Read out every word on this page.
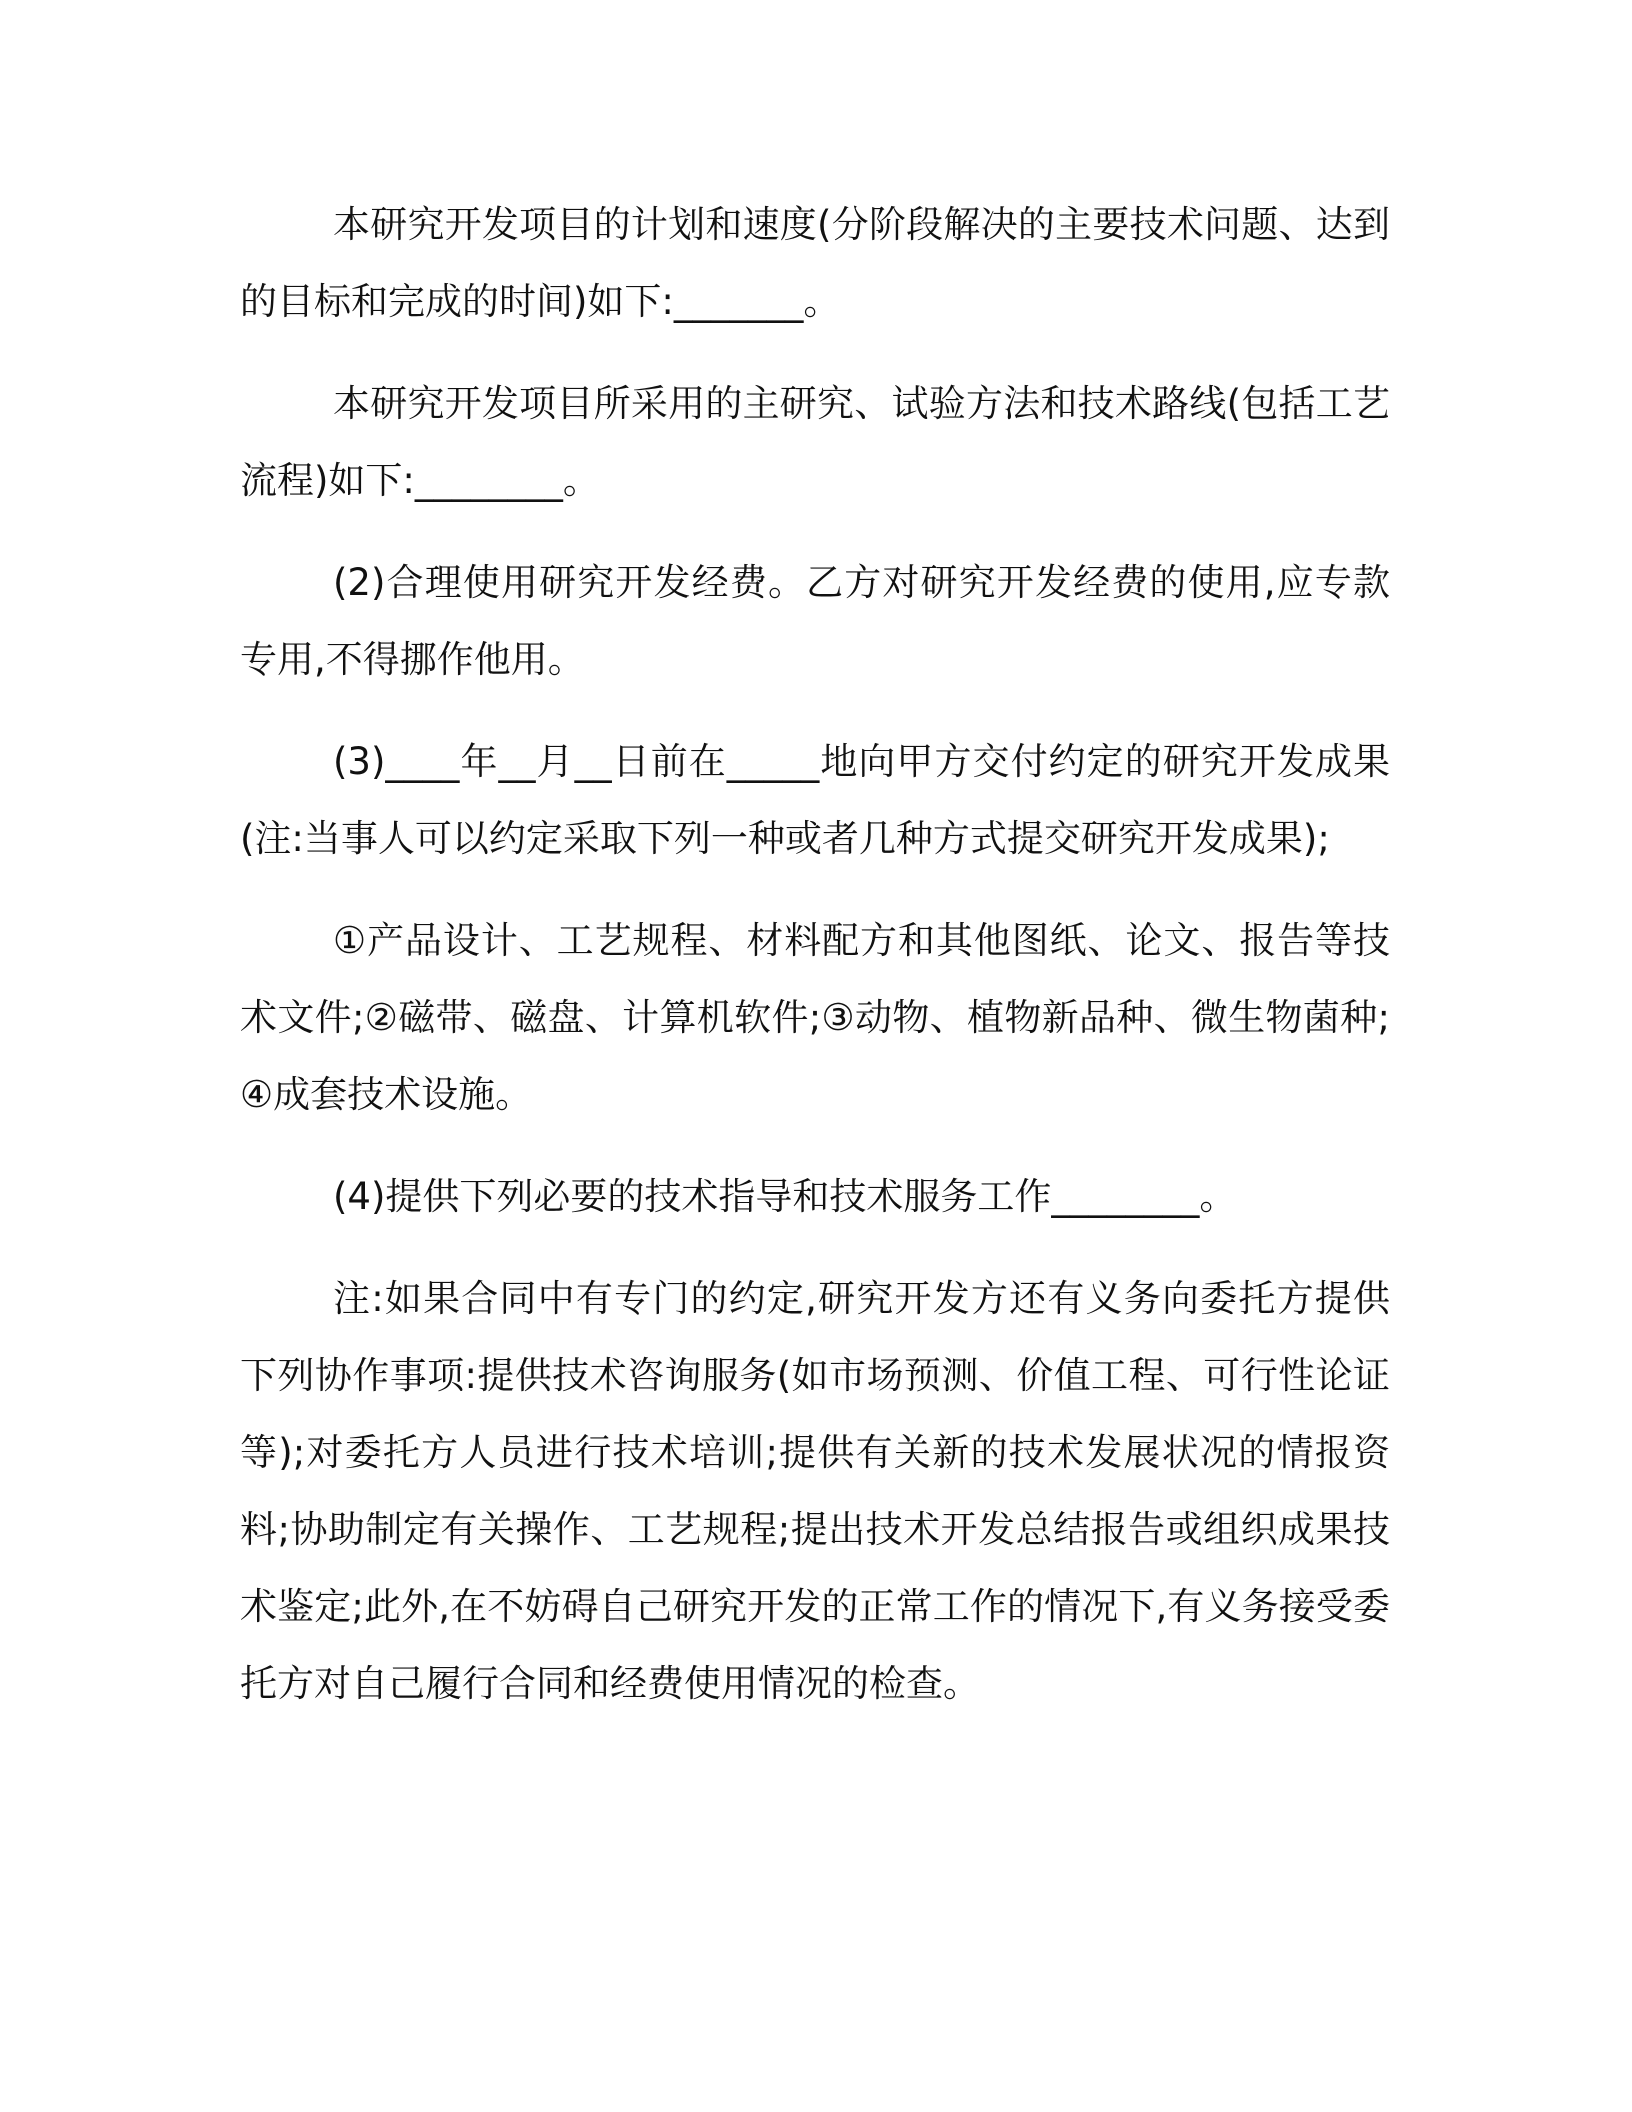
本研究开发项目的计划和速度(分阶段解决的主要技术问题、达到的目标和完成的时间)如下:_______。

本研究开发项目所采用的主研究、试验方法和技术路线(包括工艺流程)如下:________。

(2)合理使用研究开发经费。乙方对研究开发经费的使用,应专款专用,不得挪作他用。

(3)____年__月__日前在_____地向甲方交付约定的研究开发成果(注:当事人可以约定采取下列一种或者几种方式提交研究开发成果);

①产品设计、工艺规程、材料配方和其他图纸、论文、报告等技术文件;②磁带、磁盘、计算机软件;③动物、植物新品种、微生物菌种;④成套技术设施。

(4)提供下列必要的技术指导和技术服务工作________。

注:如果合同中有专门的约定,研究开发方还有义务向委托方提供下列协作事项:提供技术咨询服务(如市场预测、价值工程、可行性论证等);对委托方人员进行技术培训;提供有关新的技术发展状况的情报资料;协助制定有关操作、工艺规程;提出技术开发总结报告或组织成果技术鉴定;此外,在不妨碍自己研究开发的正常工作的情况下,有义务接受委托方对自己履行合同和经费使用情况的检查。
